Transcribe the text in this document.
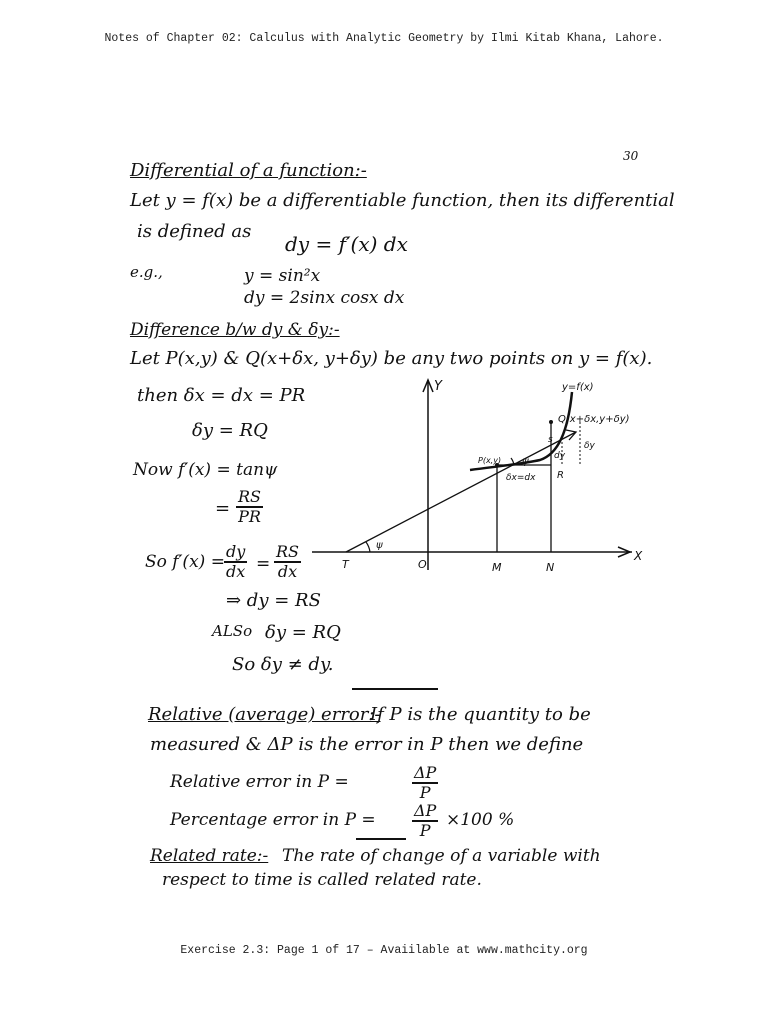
Notes of Chapter 02: Calculus with Analytic Geometry by Ilmi Kitab Khana, Lahore.
30
Differential of a function:-
Let y = f(x) be a differentiable function, then its differential
is defined as
dy = f′(x) dx
e.g.,	y = sin²x
dy = 2sinx cosx dx
Difference b/w dy & δy:-
Let P(x,y) & Q(x+δx, y+δy) be any two points on y = f(x).
then δx = dx = PR
δy = RQ
Now f′(x) = tanψ
= $\frac{RS}{PR}$
So $f'(x) = \frac{dy}{dx} = \frac{RS}{dx}$
⇒ dy = RS
ALSo δy = RQ
So δy ≠ dy.
Y
X
y=f(x)
Q(x+δx,y+δy)
P(x,y) ψ
ψ
s
dy
δy
δx=dx R
T	O	M	N
Relative (average) error:-
If P is the quantity to be
measured & ΔP is the error in P then we define
Relative error in P =	$\frac{\Delta P}{P}$
Percentage error in $P = \frac{\Delta P}{P} \times 100$ %
Related rate:- The rate of change of a variable with
respect to time is called related rate.
Exercise 2.3: Page 1 of 17 – Avaiilable at www.mathcity.org
